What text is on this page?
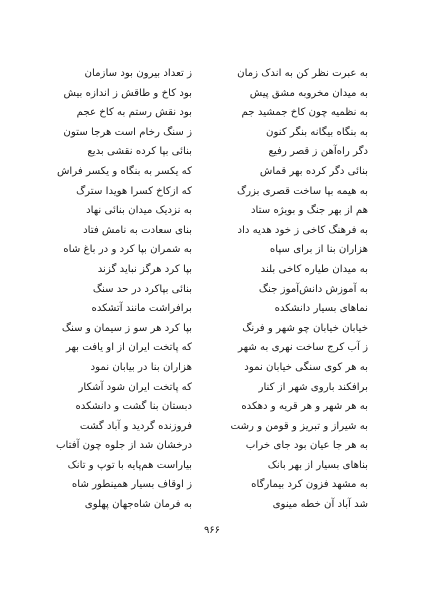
به عبرت نظر کن به اندک زمان
به میدان مخروبه مشق پیش
به نظمیه چون کاخ جمشید جم
به بنگاه بیگانه بنگر کنون
دگر راه‌آهن ز قصر رفیع
بنائی دگر کرده بهر قماش
به هیمه بپا ساخت قصری بزرگ
هم از بهر جنگ و بویژه ستاد
به فرهنگ کاخی ز خود هدیه داد
هزاران بنا از برای سپاه
به میدان طیاره کاخی بلند
به آموزش دانش‌آموز جنگ
نماهای بسیار دانشکده
خیابان خیابان چو شهر و فرنگ
ز آب کرج ساخت نهری به شهر
به هر کوی سنگی خیابان نمود
برافکند باروی شهر از کنار
به هر شهر و هر قریه و دهکده
به شیراز و تبریز و قومن و رشت
به هر جا عیان بود جای خراب
بناهای بسیار از بهر بانک
به مشهد فزون کرد بیمارگاه
شد آباد آن خطه مینوی
ز تعداد بیرون بود سازمان
بود کاخ و طاقش ز اندازه بیش
بود نقش رستم به کاخ عجم
ز سنگ رخام است هرجا ستون
بنائی بپا کرده نقشی بدیع
که یکسر به بنگاه و یکسر فراش
که ازکاخ کسرا هویدا سترگ
به نزدیک میدان بنائی نهاد
بنای سعادت به نامش فتاد
به شمران بپا کرد و در باغ شاه
بپا کرد هرگز نباید گزند
بنائی بپاکرد در حد سنگ
برافراشت مانند آتشکده
بپا کرد هر سو ز سیمان و سنگ
که پاتخت ایران از او یافت بهر
هزاران بنا در بیابان نمود
که پاتخت ایران شود آشکار
دبستان بنا گشت و دانشکده
فروزنده گردید و آباد گشت
درخشان شد از جلوه چون آفتاب
بیاراست هم‌پایه با توپ و تانک
ز اوقاف بسیار همینطور شاه
به فرمان شاه‌جهان پهلوی
۹۶۶
